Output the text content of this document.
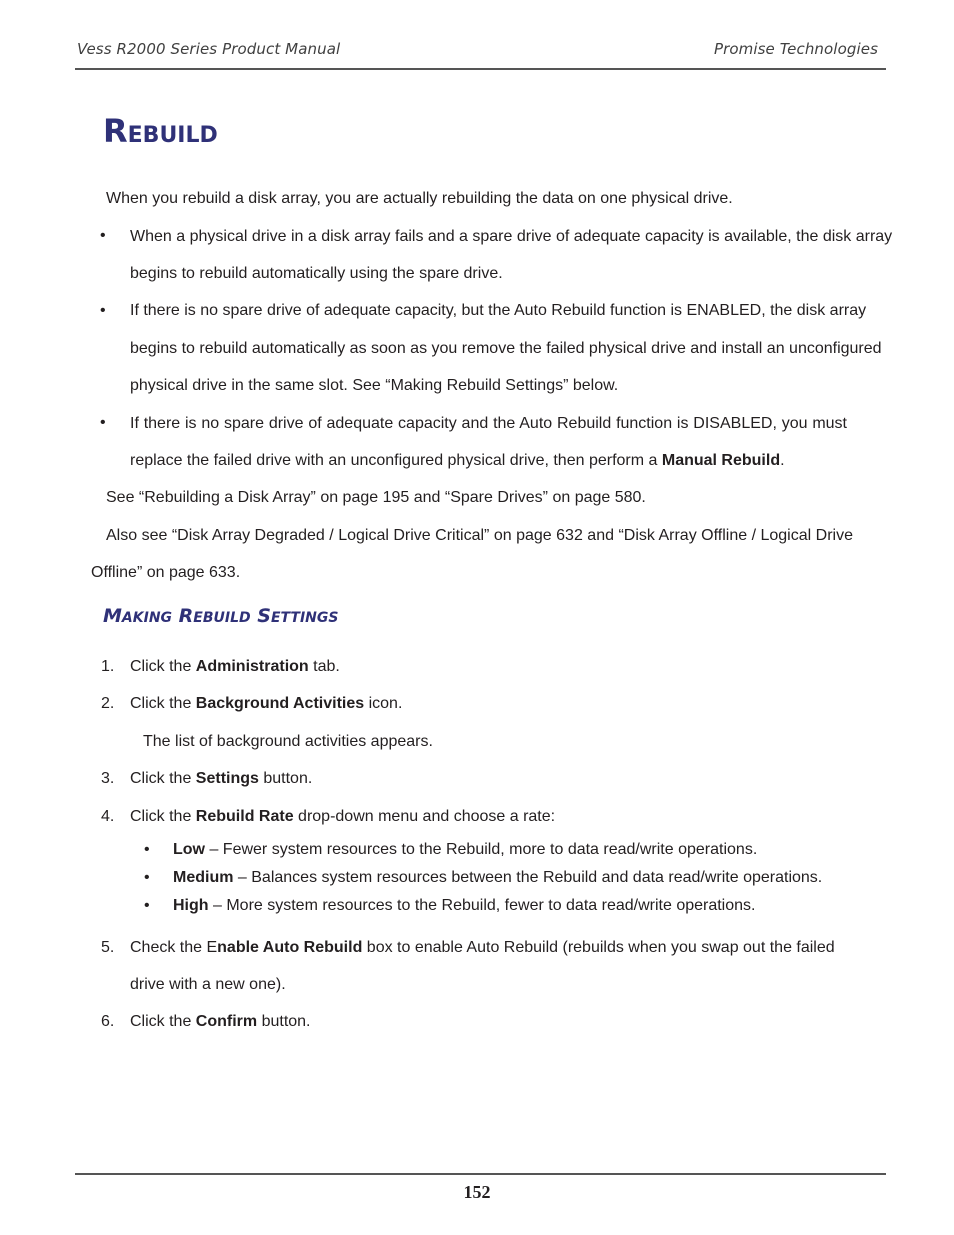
Vess R2000 Series Product Manual	Promise Technologies
REBUILD
When you rebuild a disk array, you are actually rebuilding the data on one physical drive.
• When a physical drive in a disk array fails and a spare drive of adequate capacity is available, the disk array
begins to rebuild automatically using the spare drive.
• If there is no spare drive of adequate capacity, but the Auto Rebuild function is ENABLED, the disk array
begins to rebuild automatically as soon as you remove the failed physical drive and install an unconfigured
physical drive in the same slot. See “Making Rebuild Settings” below.
• If there is no spare drive of adequate capacity and the Auto Rebuild function is DISABLED, you must
replace the failed drive with an unconfigured physical drive, then perform a Manual Rebuild.
See “Rebuilding a Disk Array” on page 195 and “Spare Drives” on page 580.
Also see “Disk Array Degraded / Logical Drive Critical” on page 632 and “Disk Array Offline / Logical Drive
Offline” on page 633.
MAKING REBUILD SETTINGS
1. Click the Administration tab.
2. Click the Background Activities icon.
The list of background activities appears.
3. Click the Settings button.
4. Click the Rebuild Rate drop-down menu and choose a rate:
• Low – Fewer system resources to the Rebuild, more to data read/write operations.
• Medium – Balances system resources between the Rebuild and data read/write operations.
• High – More system resources to the Rebuild, fewer to data read/write operations.
5. Check the Enable Auto Rebuild box to enable Auto Rebuild (rebuilds when you swap out the failed
drive with a new one).
6. Click the Confirm button.
152
